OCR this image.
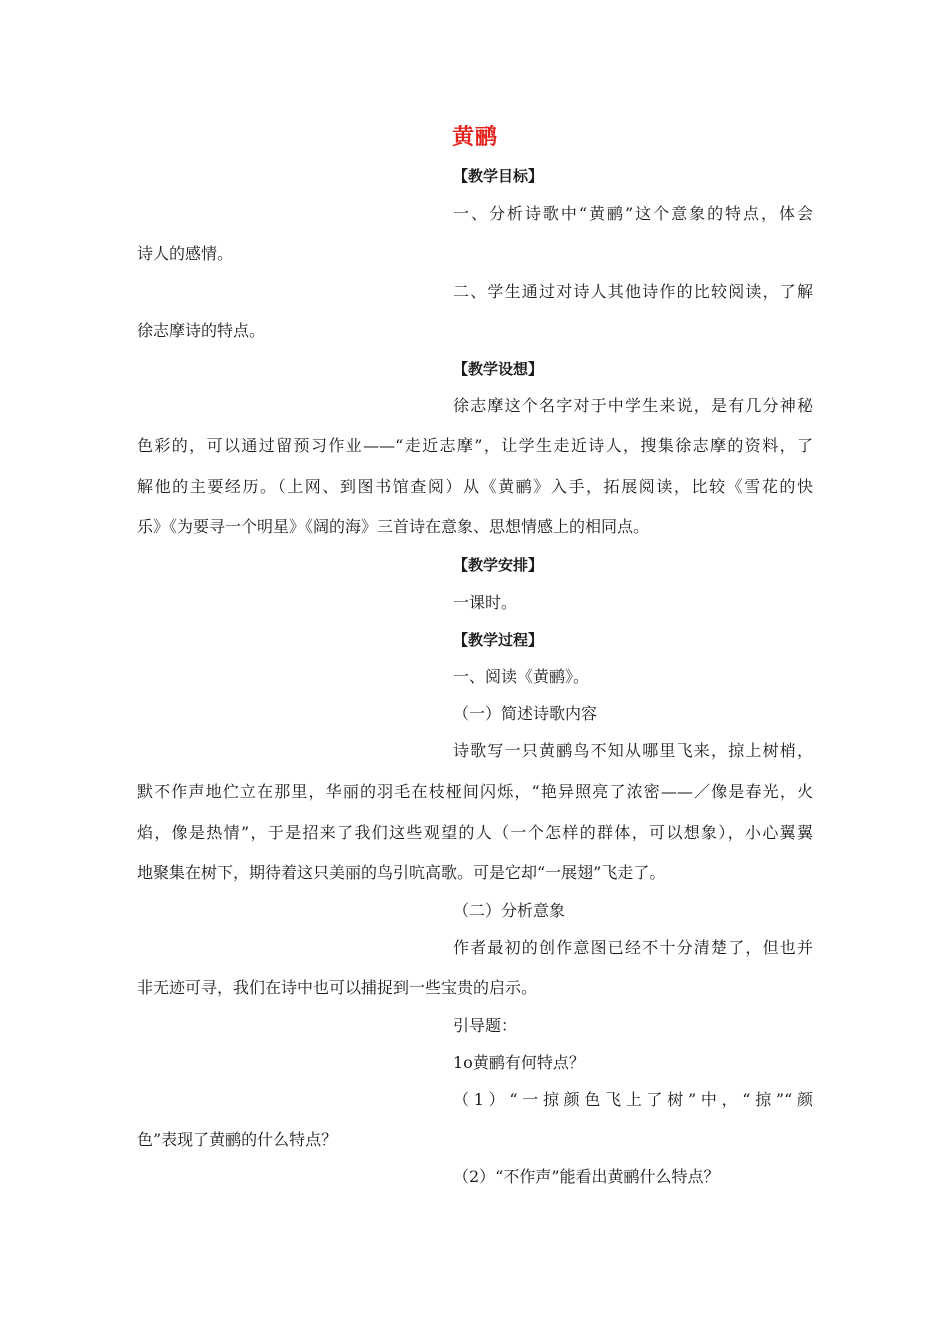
黄鹂
【教学目标】
一、分析诗歌中“黄鹂”这个意象的特点，体会
诗人的感情。
二、学生通过对诗人其他诗作的比较阅读，了解
徐志摩诗的特点。
【教学设想】
徐志摩这个名字对于中学生来说，是有几分神秘
色彩的，可以通过留预习作业——“走近志摩”，让学生走近诗人，搜集徐志摩的资料，了
解他的主要经历。（上网、到图书馆查阅）从《黄鹂》入手，拓展阅读，比较《雪花的快
乐》《为要寻一个明星》《阔的海》三首诗在意象、思想情感上的相同点。
【教学安排】
一课时。
【教学过程】
一、阅读《黄鹂》。
（一）简述诗歌内容
诗歌写一只黄鹂鸟不知从哪里飞来，掠上树梢，
默不作声地伫立在那里，华丽的羽毛在枝桠间闪烁，“艳异照亮了浓密——／像是春光，火
焰，像是热情”，于是招来了我们这些观望的人（一个怎样的群体，可以想象），小心翼翼
地聚集在树下，期待着这只美丽的鸟引吭高歌。可是它却“一展翅”飞走了。
（二）分析意象
作者最初的创作意图已经不十分清楚了，但也并
非无迹可寻，我们在诗中也可以捕捉到一些宝贵的启示。
引导题：
1o黄鹂有何特点？
（1）“一掠颜色飞上了树”中，“掠”“颜
色”表现了黄鹂的什么特点？
（2）“不作声”能看出黄鹂什么特点？
